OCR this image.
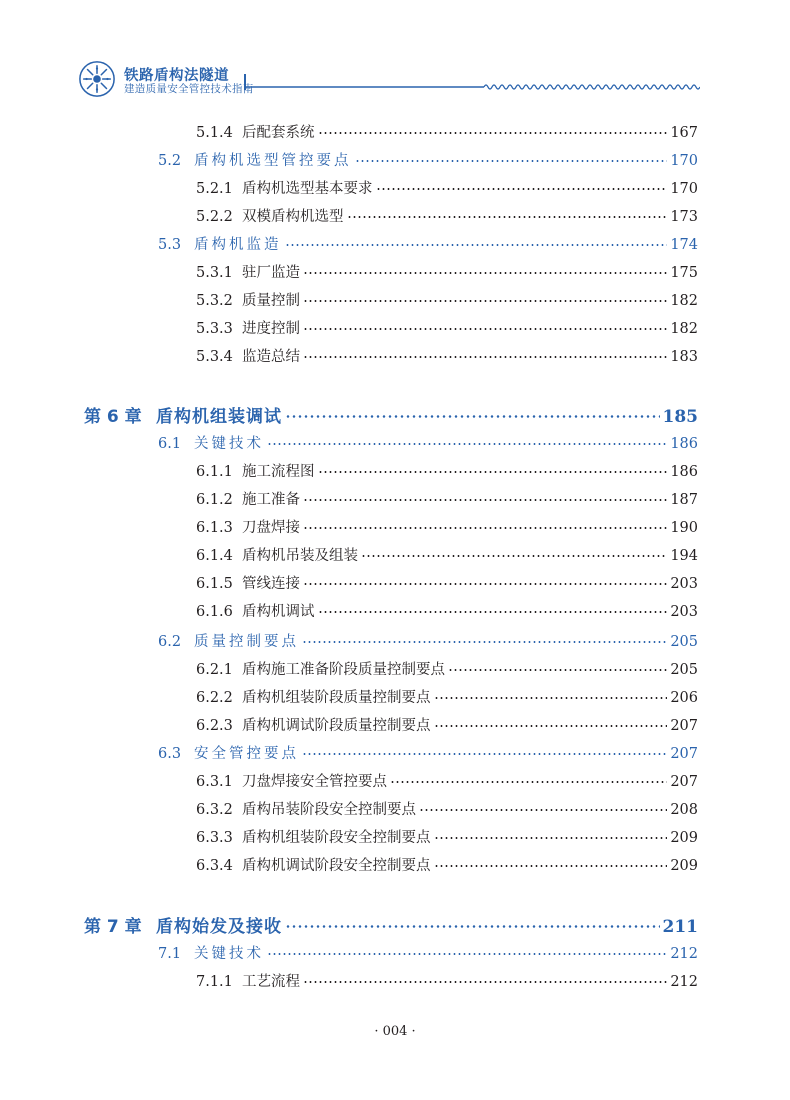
铁路盾构法隧道
建造质量安全管控技术指南
5.1.4 后配套系统	167
5.2 盾构机选型管控要点	170
5.2.1 盾构机选型基本要求	170
5.2.2 双模盾构机选型	173
5.3 盾构机监造	174
5.3.1 驻厂监造	175
5.3.2 质量控制	182
5.3.3 进度控制	182
5.3.4 监造总结	183
第 6 章 盾构机组装调试	185
6.1 关键技术	186
6.1.1 施工流程图	186
6.1.2 施工准备	187
6.1.3 刀盘焊接	190
6.1.4 盾构机吊装及组装	194
6.1.5 管线连接	203
6.1.6 盾构机调试	203
6.2 质量控制要点	205
6.2.1 盾构施工准备阶段质量控制要点	205
6.2.2 盾构机组装阶段质量控制要点	206
6.2.3 盾构机调试阶段质量控制要点	207
6.3 安全管控要点	207
6.3.1 刀盘焊接安全管控要点	207
6.3.2 盾构吊装阶段安全控制要点	208
6.3.3 盾构机组装阶段安全控制要点	209
6.3.4 盾构机调试阶段安全控制要点	209
第 7 章 盾构始发及接收	211
7.1 关键技术	212
7.1.1 工艺流程	212
· 004 ·
